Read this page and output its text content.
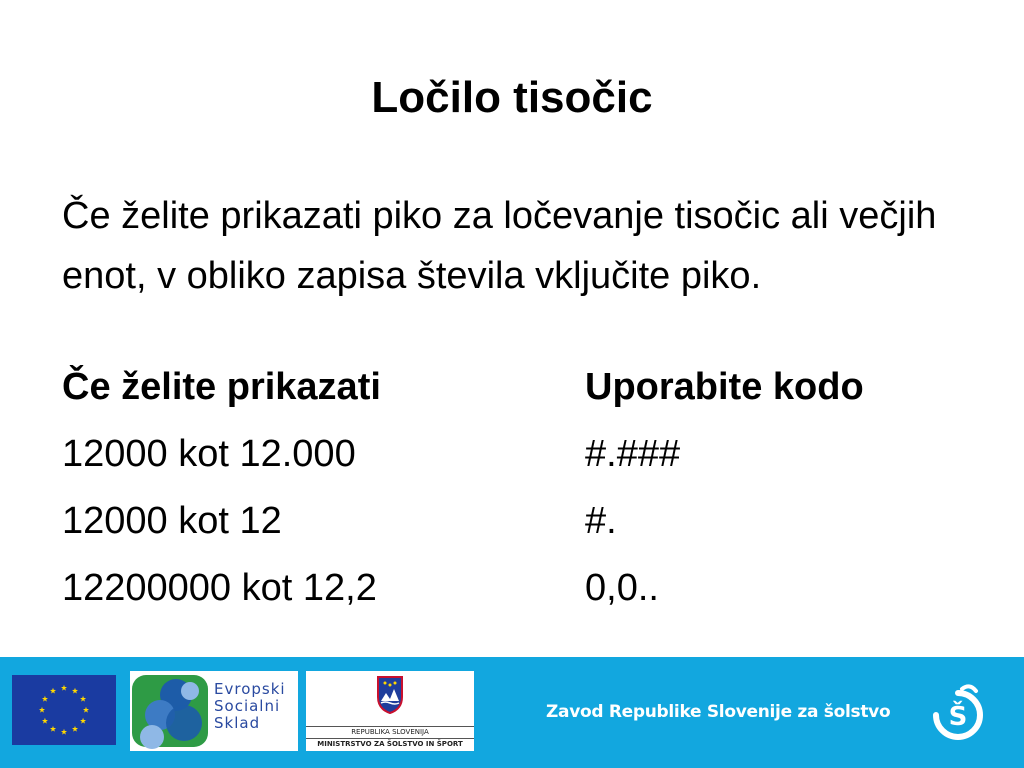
Ločilo tisočic

Če želite prikazati piko za ločevanje tisočic ali večjih enot, v obliko zapisa števila vključite piko.

Če želite prikazati	Uporabite kodo
12000 kot 12.000	#.###
12000 kot 12	#.
12200000 kot 12,2	0,0..
Evropski
Socialni
Sklad	REPUBLIKA SLOVENIJA
MINISTRSTVO ZA ŠOLSTVO IN ŠPORT
Zavod Republike Slovenije za šolstvo Š
